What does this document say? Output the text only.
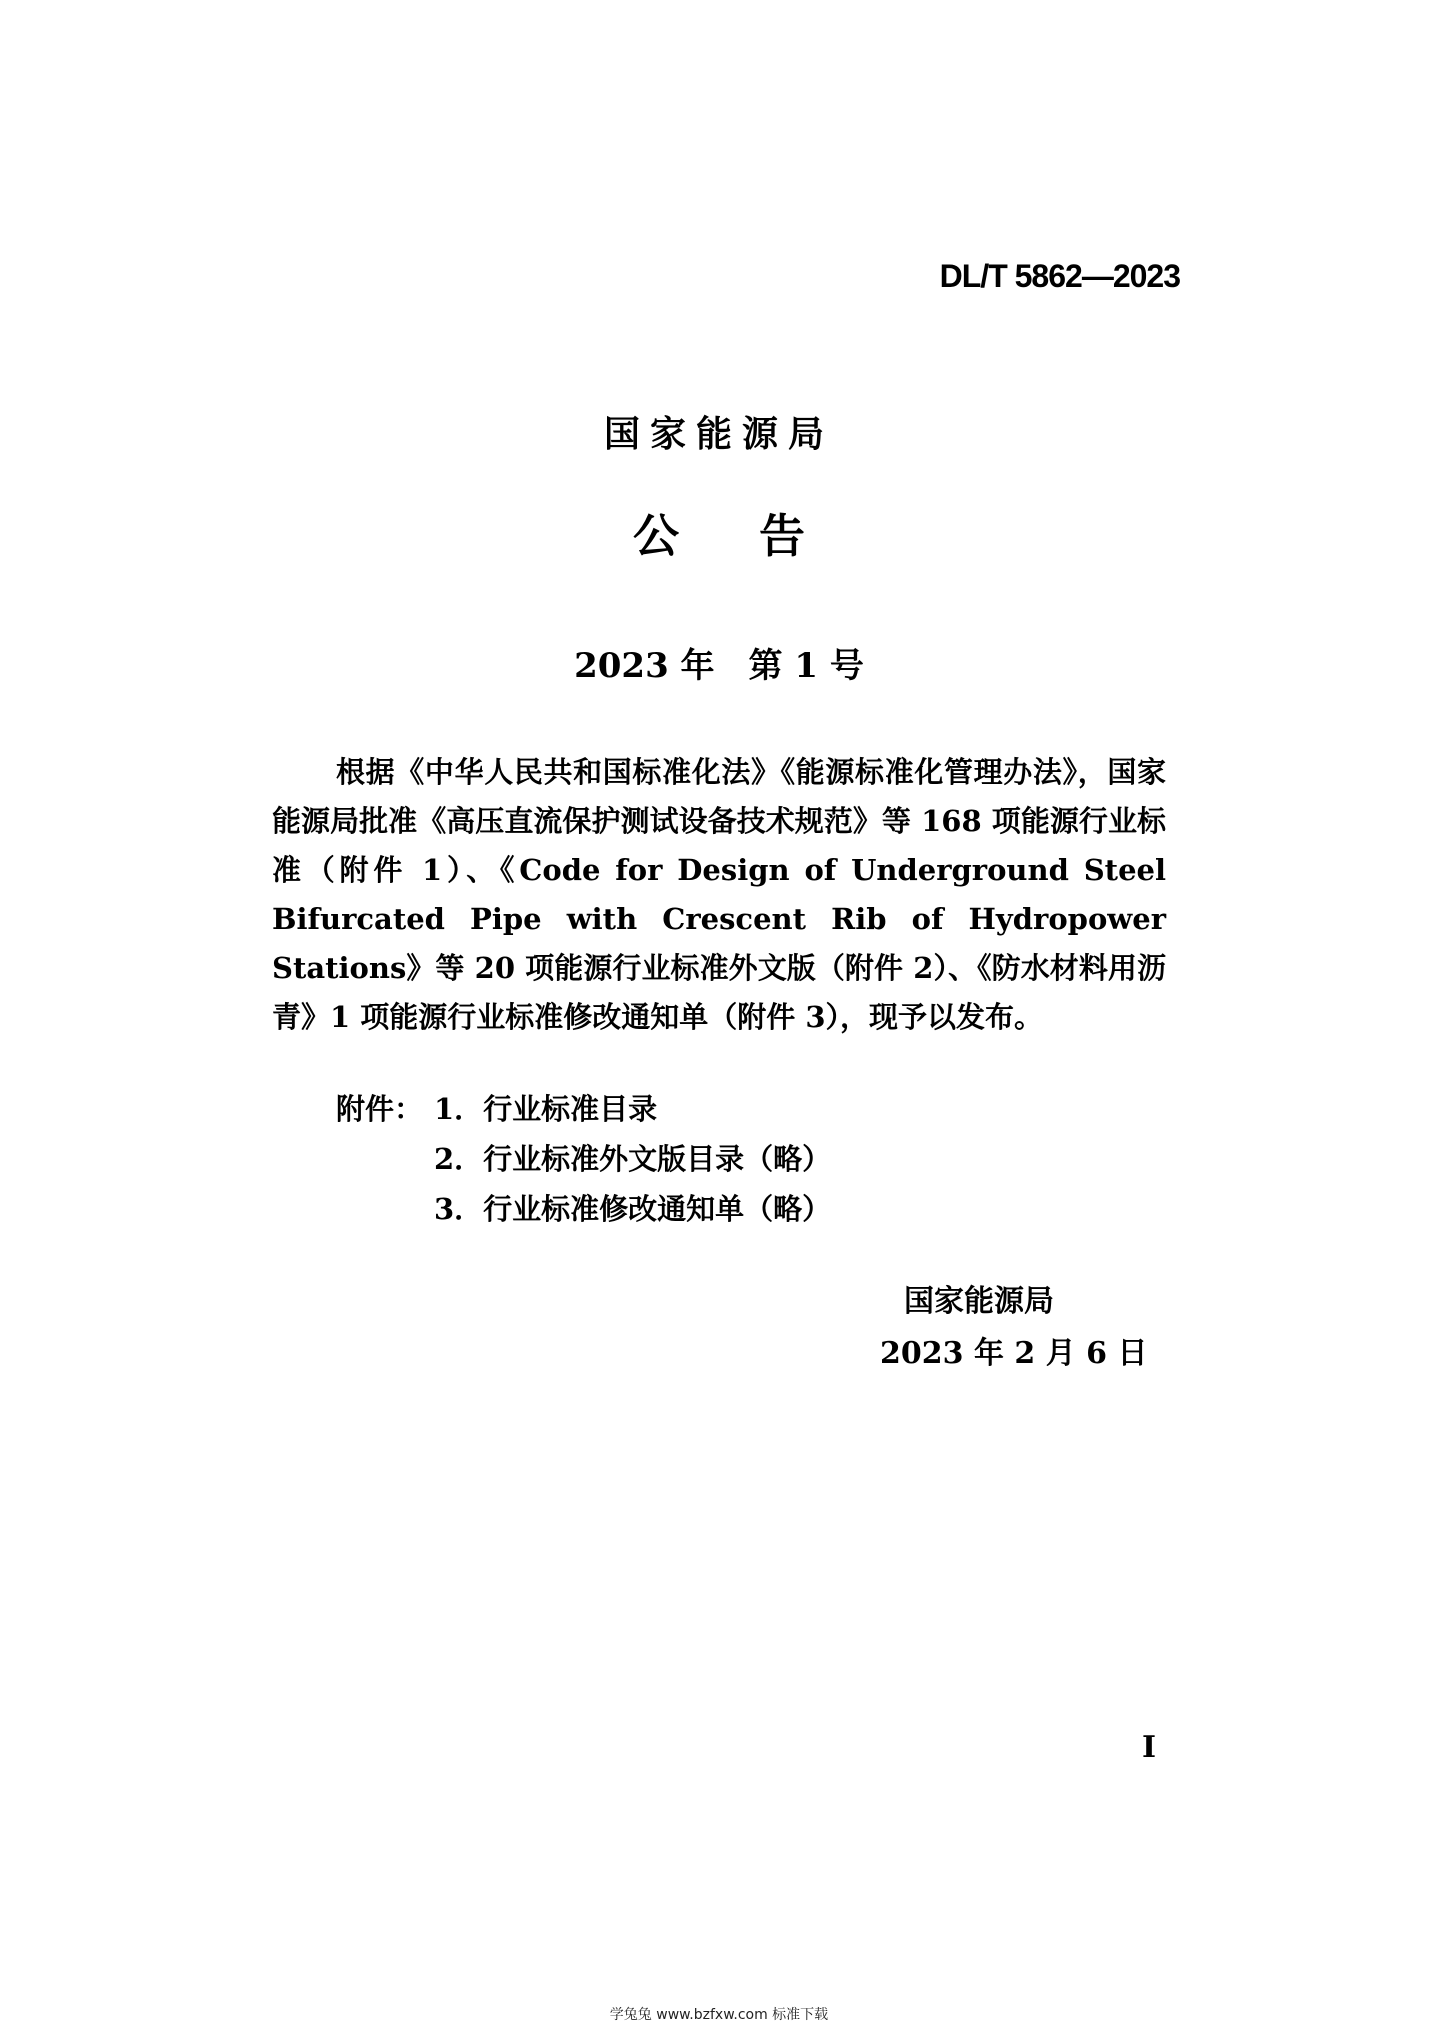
DL/T 5862—2023
国家能源局
公告
2023 年　第 1 号
根据《中华人民共和国标准化法》《能源标准化管理办法》，国家能源局批准《高压直流保护测试设备技术规范》等 168 项能源行业标准（附件 1）、《Code for Design of Underground Steel Bifurcated Pipe with Crescent Rib of Hydropower Stations》等 20 项能源行业标准外文版（附件 2）、《防水材料用沥青》1 项能源行业标准修改通知单（附件 3），现予以发布。
附件： 1．行业标准目录
2．行业标准外文版目录（略）
3．行业标准修改通知单（略）
国家能源局
2023 年 2 月 6 日
I
学兔兔 www.bzfxw.com 标准下载
